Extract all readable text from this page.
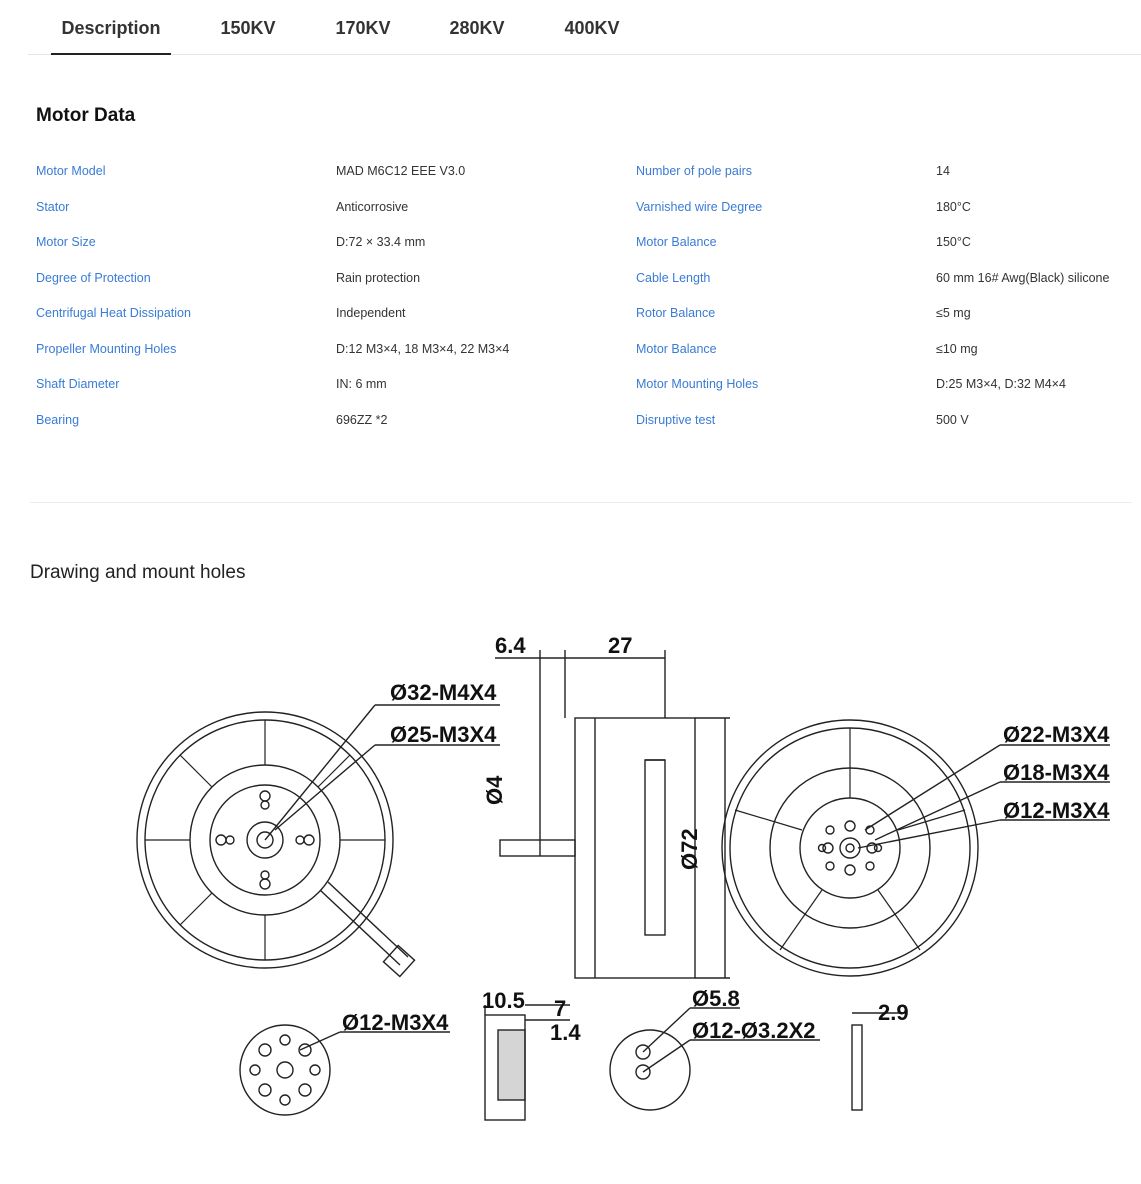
Description	150KV	170KV	280KV	400KV
Motor Data
Motor Model	MAD M6C12 EEE V3.0	Number of pole pairs	14
Stator	Anticorrosive	Varnished wire Degree	180°C
Motor Size	D:72 × 33.4 mm	Motor Balance	150°C
Degree of Protection	Rain protection	Cable Length	60 mm 16# Awg(Black) silicone
Centrifugal Heat Dissipation	Independent	Rotor Balance	≤5 mg
Propeller Mounting Holes	D:12 M3×4, 18 M3×4, 22 M3×4	Motor Balance	≤10 mg
Shaft Diameter	IN: 6 mm	Motor Mounting Holes	D:25 M3×4, D:32 M4×4
Bearing	696ZZ *2	Disruptive test	500 V
Drawing and mount holes
Ø32-M4X4
Ø25-M3X4
6.4	27
Ø4
Ø72
Ø22-M3X4
Ø18-M3X4
Ø12-M3X4
Ø12-M3X4
10.5 7
1.4
Ø5.8
Ø12-Ø3.2X2
2.9
